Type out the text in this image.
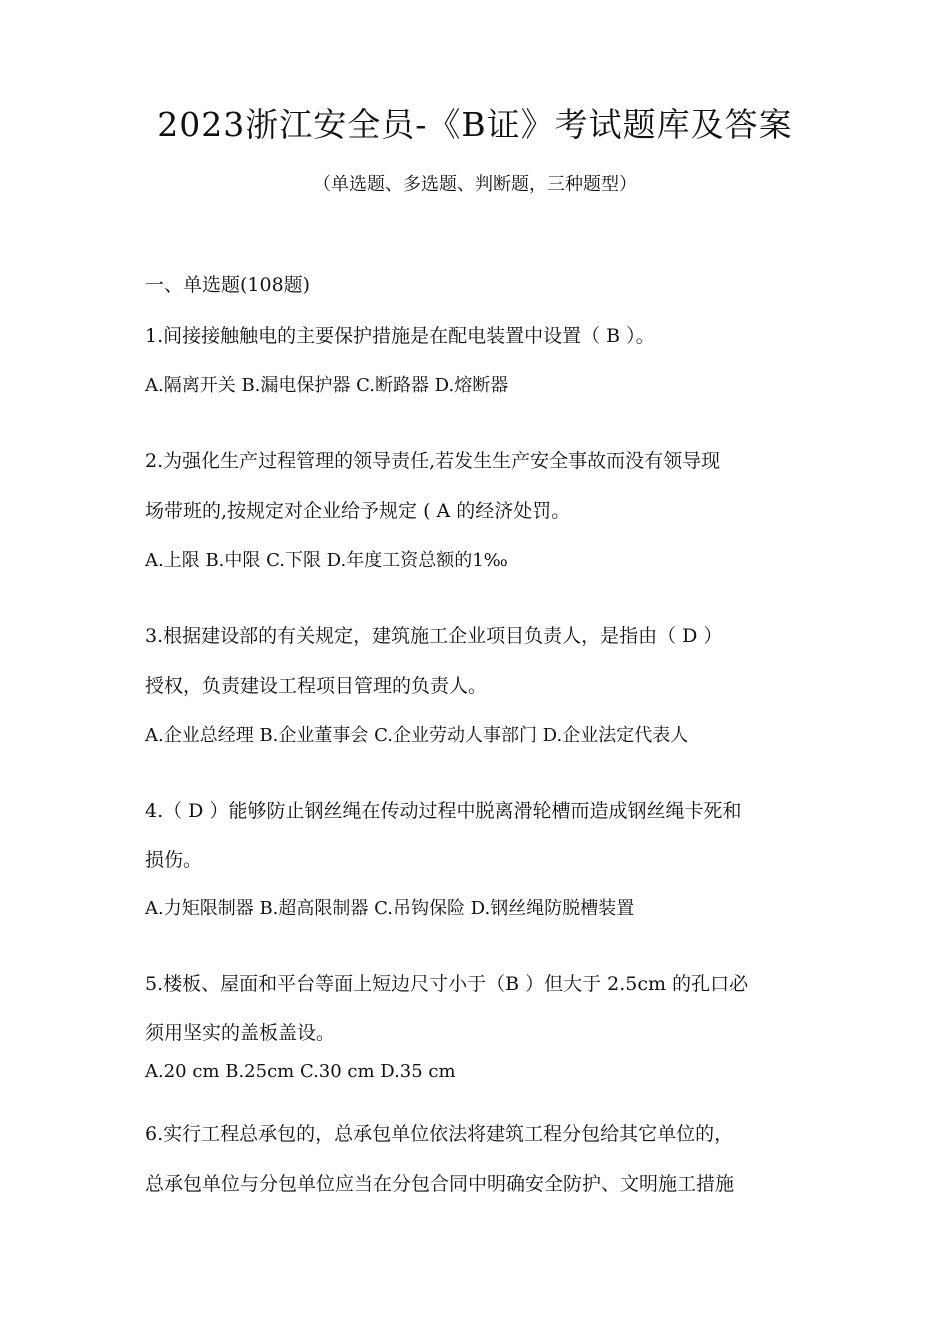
2023浙江安全员-《B证》考试题库及答案
（单选题、多选题、判断题，三种题型）
一、单选题(108题)
1.间接接触触电的主要保护措施是在配电装置中设置（ B ）。
A.隔离开关 B.漏电保护器 C.断路器 D.熔断器
2.为强化生产过程管理的领导责任,若发生生产安全事故而没有领导现
场带班的,按规定对企业给予规定 ( A 的经济处罚。
A.上限 B.中限 C.下限 D.年度工资总额的1‰
3.根据建设部的有关规定，建筑施工企业项目负责人，是指由（ D ）
授权，负责建设工程项目管理的负责人。
A.企业总经理 B.企业董事会 C.企业劳动人事部门 D.企业法定代表人
4.（ D ）能够防止钢丝绳在传动过程中脱离滑轮槽而造成钢丝绳卡死和
损伤。
A.力矩限制器 B.超高限制器 C.吊钩保险 D.钢丝绳防脱槽装置
5.楼板、屋面和平台等面上短边尺寸小于（B ）但大于 2.5cm 的孔口必
须用坚实的盖板盖设。
A.20 cm B.25cm C.30 cm D.35 cm
6.实行工程总承包的，总承包单位依法将建筑工程分包给其它单位的，
总承包单位与分包单位应当在分包合同中明确安全防护、文明施工措施
